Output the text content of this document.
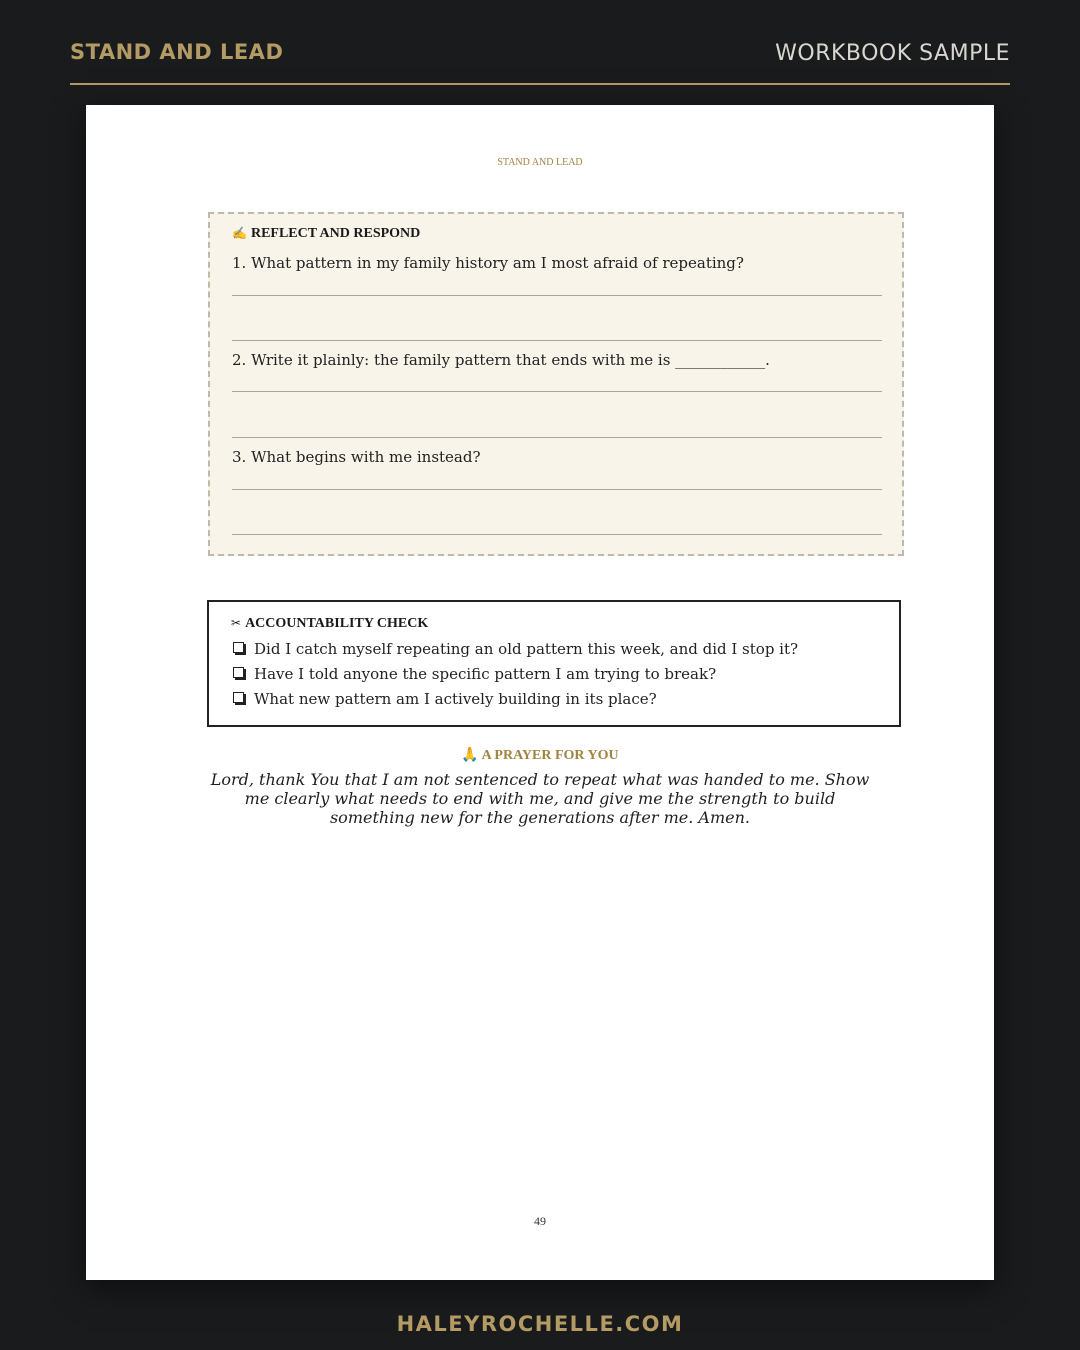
STAND AND LEAD	WORKBOOK SAMPLE
STAND AND LEAD
✍ REFLECT AND RESPOND
1. What pattern in my family history am I most afraid of repeating?
2. Write it plainly: the family pattern that ends with me is ____________.
3. What begins with me instead?
✂ ACCOUNTABILITY CHECK
Did I catch myself repeating an old pattern this week, and did I stop it?
Have I told anyone the specific pattern I am trying to break?
What new pattern am I actively building in its place?
🙏 A PRAYER FOR YOU
Lord, thank You that I am not sentenced to repeat what was handed to me. Show me clearly what needs to end with me, and give me the strength to build something new for the generations after me. Amen.
49
HALEYROCHELLE.COM
